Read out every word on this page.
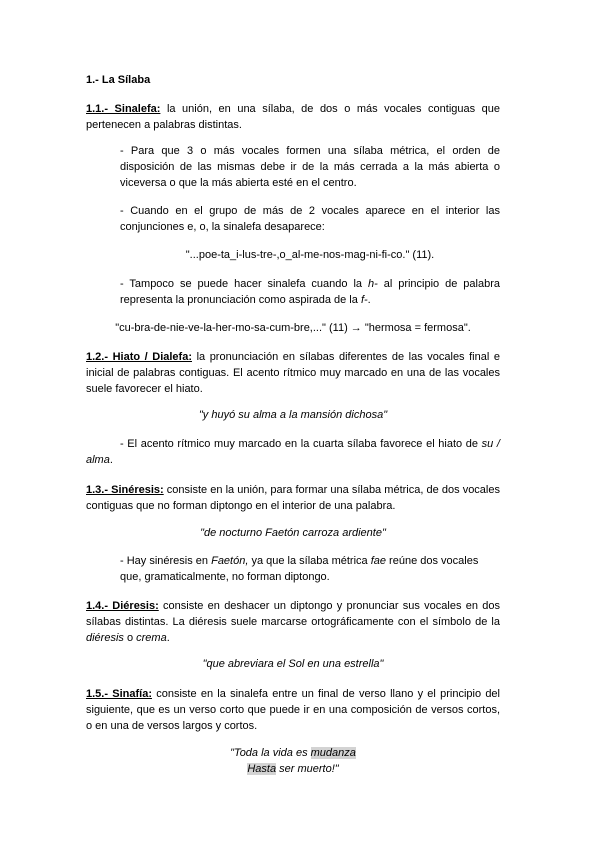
1.- La Sílaba
1.1.- Sinalefa: la unión, en una sílaba, de dos o más vocales contiguas que pertenecen a palabras distintas.
- Para que 3 o más vocales formen una sílaba métrica, el orden de disposición de las mismas debe ir de la más cerrada a la más abierta o viceversa o que la más abierta esté en el centro.
- Cuando en el grupo de más de 2 vocales aparece en el interior las conjunciones e, o, la sinalefa desaparece:
"...poe-ta_i-lus-tre-,o_al-me-nos-mag-ni-fi-co." (11).
- Tampoco se puede hacer sinalefa cuando la h- al principio de palabra representa la pronunciación como aspirada de la f-.
"cu-bra-de-nie-ve-la-her-mo-sa-cum-bre,..." (11) → "hermosa = fermosa".
1.2.- Hiato / Dialefa: la pronunciación en sílabas diferentes de las vocales final e inicial de palabras contiguas. El acento rítmico muy marcado en una de las vocales suele favorecer el hiato.
"y huyó su alma a la mansión dichosa"
- El acento rítmico muy marcado en la cuarta sílaba favorece el hiato de su / alma.
1.3.- Sinéresis: consiste en la unión, para formar una sílaba métrica, de dos vocales contiguas que no forman diptongo en el interior de una palabra.
"de nocturno Faetón carroza ardiente"
- Hay sinéresis en Faetón, ya que la sílaba métrica fae reúne dos vocales que, gramaticalmente, no forman diptongo.
1.4.- Diéresis: consiste en deshacer un diptongo y pronunciar sus vocales en dos sílabas distintas. La diéresis suele marcarse ortográficamente con el símbolo de la diéresis o crema.
"que abreviara el Sol en una estrella"
1.5.- Sinafía: consiste en la sinalefa entre un final de verso llano y el principio del siguiente, que es un verso corto que puede ir en una composición de versos cortos, o en una de versos largos y cortos.
"Toda la vida es mudanza
Hasta ser muerto!"
